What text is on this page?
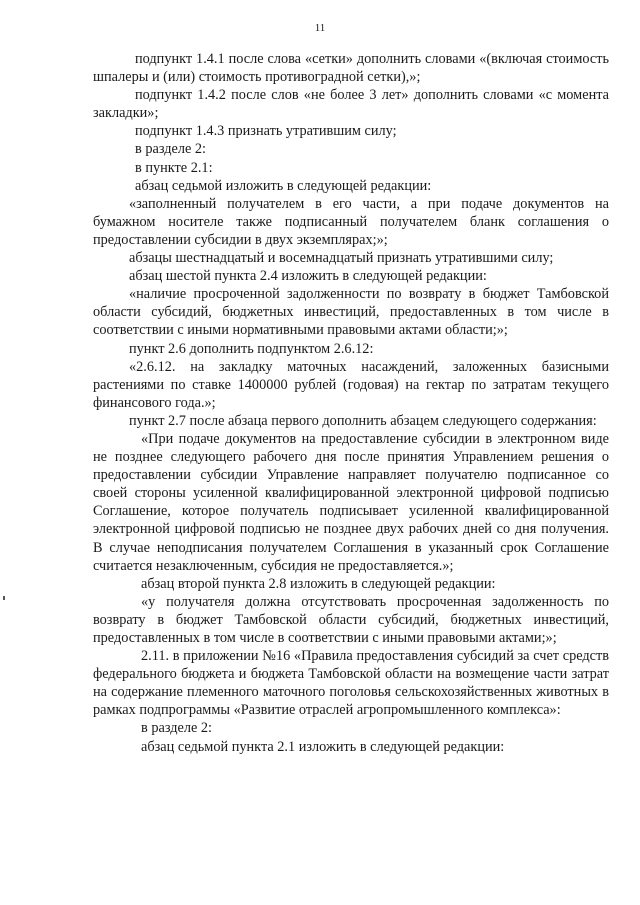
11

подпункт 1.4.1 после слова «сетки» дополнить словами «(включая стоимость шпалеры и (или) стоимость противоградной сетки),»;

подпункт 1.4.2 после слов «не более 3 лет» дополнить словами «с момента закладки»;

подпункт 1.4.3 признать утратившим силу;

в разделе 2:

в пункте 2.1:

абзац седьмой изложить в следующей редакции:

«заполненный получателем в его части, а при подаче документов на бумажном носителе также подписанный получателем бланк соглашения о предоставлении субсидии в двух экземплярах;»;

абзацы шестнадцатый и восемнадцатый признать утратившими силу;

абзац шестой пункта 2.4 изложить в следующей редакции:

«наличие просроченной задолженности по возврату в бюджет Тамбовской области субсидий, бюджетных инвестиций, предоставленных в том числе в соответствии с иными нормативными правовыми актами области;»;

пункт 2.6 дополнить подпунктом 2.6.12:

«2.6.12. на закладку маточных насаждений, заложенных базисными растениями по ставке 1400000 рублей (годовая) на гектар по затратам текущего финансового года.»;

пункт 2.7 после абзаца первого дополнить абзацем следующего содержания:

«При подаче документов на предоставление субсидии в электронном виде не позднее следующего рабочего дня после принятия Управлением решения о предоставлении субсидии Управление направляет получателю подписанное со своей стороны усиленной квалифицированной электронной цифровой подписью Соглашение, которое получатель подписывает усиленной квалифицированной электронной цифровой подписью не позднее двух рабочих дней со дня получения. В случае неподписания получателем Соглашения в указанный срок Соглашение считается незаключенным, субсидия не предоставляется.»;

абзац второй пункта 2.8 изложить в следующей редакции:

«у получателя должна отсутствовать просроченная задолженность по возврату в бюджет Тамбовской области субсидий, бюджетных инвестиций, предоставленных в том числе в соответствии с иными правовыми актами;»;

2.11. в приложении №16 «Правила предоставления субсидий за счет средств федерального бюджета и бюджета Тамбовской области на возмещение части затрат на содержание племенного маточного поголовья сельскохозяйственных животных в рамках подпрограммы «Развитие отраслей агропромышленного комплекса»:

в разделе 2:

абзац седьмой пункта 2.1 изложить в следующей редакции:
